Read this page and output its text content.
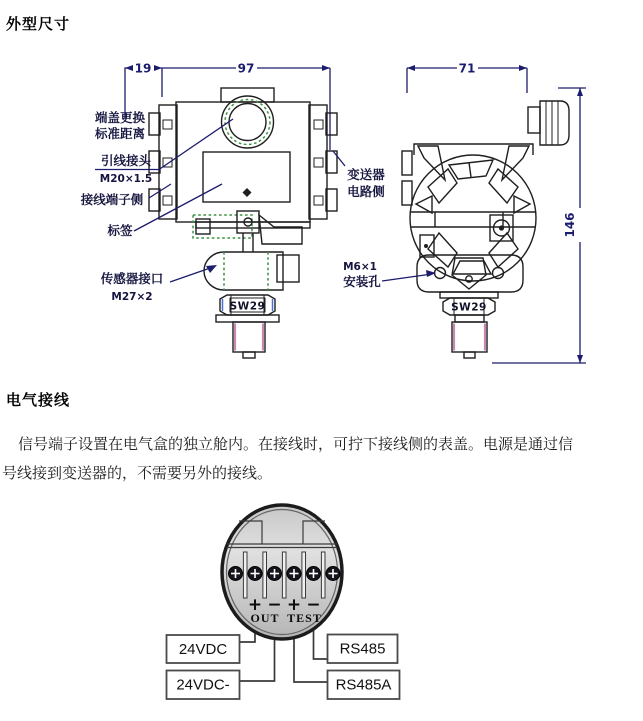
外型尺寸
19	97
SW29
端盖更换
标准距离
引线接头
M20×1.5
接线端子侧
标签
传感器接口
M27×2
71
146
SW29
变送器
电路侧
M6×1
安装孔
电气接线
信号端子设置在电气盒的独立舱内。在接线时，可拧下接线侧的表盖。电源是通过信
号线接到变送器的，不需要另外的接线。
+ − + −
OUT TEST
24VDC
24VDC-
RS485
RS485A
